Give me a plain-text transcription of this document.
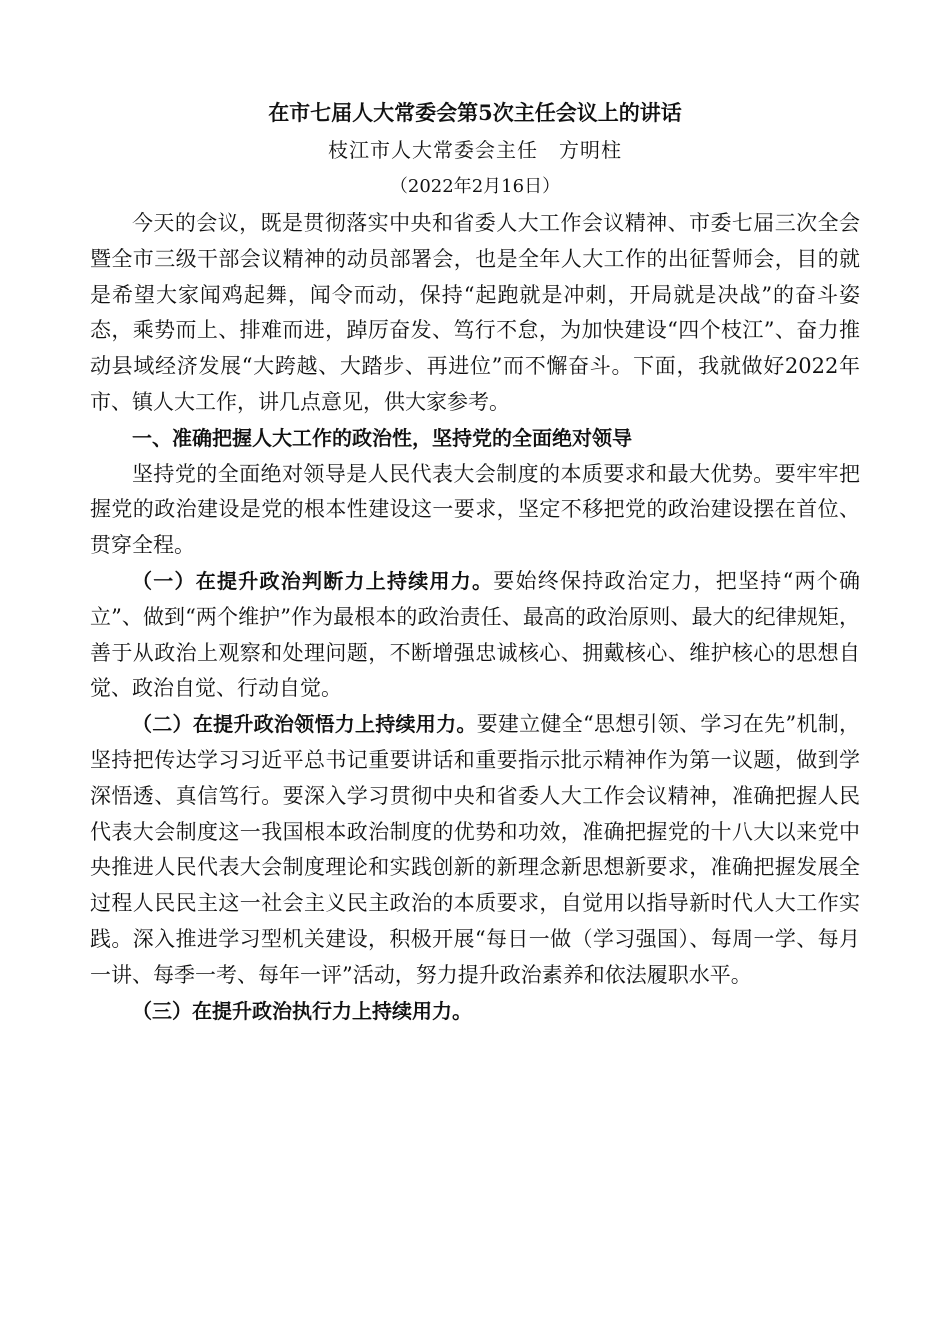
在市七届人大常委会第5次主任会议上的讲话
枝江市人大常委会主任　方明柱
（2022年2月16日）

今天的会议，既是贯彻落实中央和省委人大工作会议精神、市委七届三次全会暨全市三级干部会议精神的动员部署会，也是全年人大工作的出征誓师会，目的就是希望大家闻鸡起舞，闻令而动，保持“起跑就是冲刺，开局就是决战”的奋斗姿态，乘势而上、排难而进，踔厉奋发、笃行不怠，为加快建设“四个枝江”、奋力推动县域经济发展“大跨越、大踏步、再进位”而不懈奋斗。下面，我就做好2022年市、镇人大工作，讲几点意见，供大家参考。

一、准确把握人大工作的政治性，坚持党的全面绝对领导

坚持党的全面绝对领导是人民代表大会制度的本质要求和最大优势。要牢牢把握党的政治建设是党的根本性建设这一要求，坚定不移把党的政治建设摆在首位、贯穿全程。

（一）在提升政治判断力上持续用力。要始终保持政治定力，把坚持“两个确立”、做到“两个维护”作为最根本的政治责任、最高的政治原则、最大的纪律规矩，善于从政治上观察和处理问题，不断增强忠诚核心、拥戴核心、维护核心的思想自觉、政治自觉、行动自觉。

（二）在提升政治领悟力上持续用力。要建立健全“思想引领、学习在先”机制，坚持把传达学习习近平总书记重要讲话和重要指示批示精神作为第一议题，做到学深悟透、真信笃行。要深入学习贯彻中央和省委人大工作会议精神，准确把握人民代表大会制度这一我国根本政治制度的优势和功效，准确把握党的十八大以来党中央推进人民代表大会制度理论和实践创新的新理念新思想新要求，准确把握发展全过程人民民主这一社会主义民主政治的本质要求，自觉用以指导新时代人大工作实践。深入推进学习型机关建设，积极开展“每日一做（学习强国）、每周一学、每月一讲、每季一考、每年一评”活动，努力提升政治素养和依法履职水平。

（三）在提升政治执行力上持续用力。
